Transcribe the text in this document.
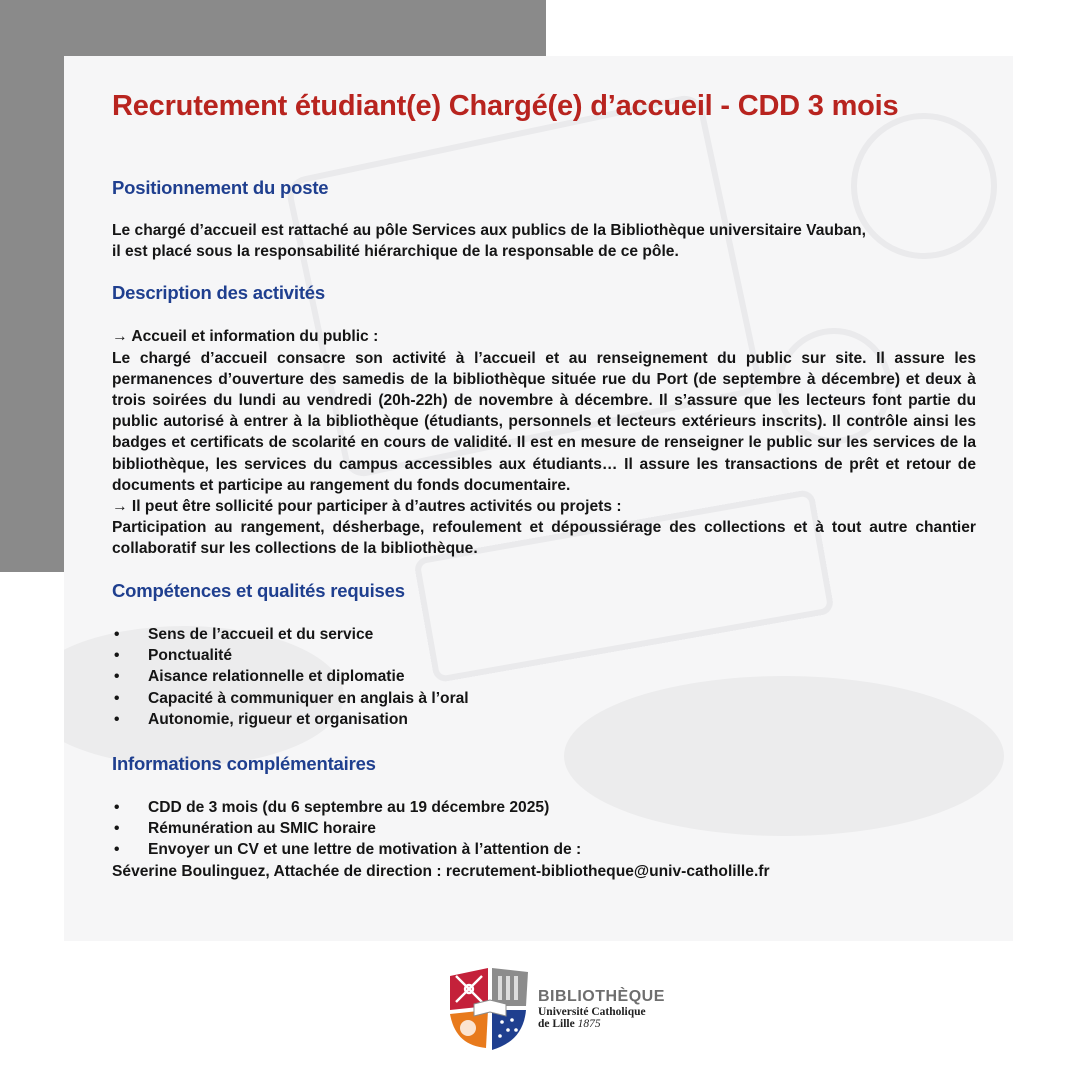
Recrutement étudiant(e) Chargé(e) d’accueil - CDD 3 mois
Positionnement du poste

Le chargé d’accueil est rattaché au pôle Services aux publics de la Bibliothèque universitaire Vauban,

il est placé sous la responsabilité hiérarchique de la responsable de ce pôle.

Description des activités

→ Accueil et information du public :

Le chargé d’accueil consacre son activité à l’accueil et au renseignement du public sur site. Il assure les permanences d’ouverture des samedis de la bibliothèque située rue du Port (de septembre à décembre) et deux à trois soirées du lundi au vendredi (20h-22h) de novembre à décembre. Il s’assure que les lecteurs font partie du public autorisé à entrer à la bibliothèque (étudiants, personnels et lecteurs extérieurs inscrits). Il contrôle ainsi les badges et certificats de scolarité en cours de validité. Il est en mesure de renseigner le public sur les services de la bibliothèque, les services du campus accessibles aux étudiants… Il assure les transactions de prêt et retour de documents et participe au rangement du fonds documentaire.

→ Il peut être sollicité pour participer à d’autres activités ou projets :

Participation au rangement, désherbage, refoulement et dépoussiérage des collections et à tout autre chantier collaboratif sur les collections de la bibliothèque.

Compétences et qualités requises
• Sens de l’accueil et du service
• Ponctualité
• Aisance relationnelle et diplomatie
• Capacité à communiquer en anglais à l’oral
• Autonomie, rigueur et organisation
Informations complémentaires
• CDD de 3 mois (du 6 septembre au 19 décembre 2025)
• Rémunération au SMIC horaire
• Envoyer un CV et une lettre de motivation à l’attention de :

Séverine Boulinguez, Attachée de direction : recrutement-bibliotheque@univ-catholille.fr

BIBLIOTHÈQUE
Université Catholique
de Lille 1875
